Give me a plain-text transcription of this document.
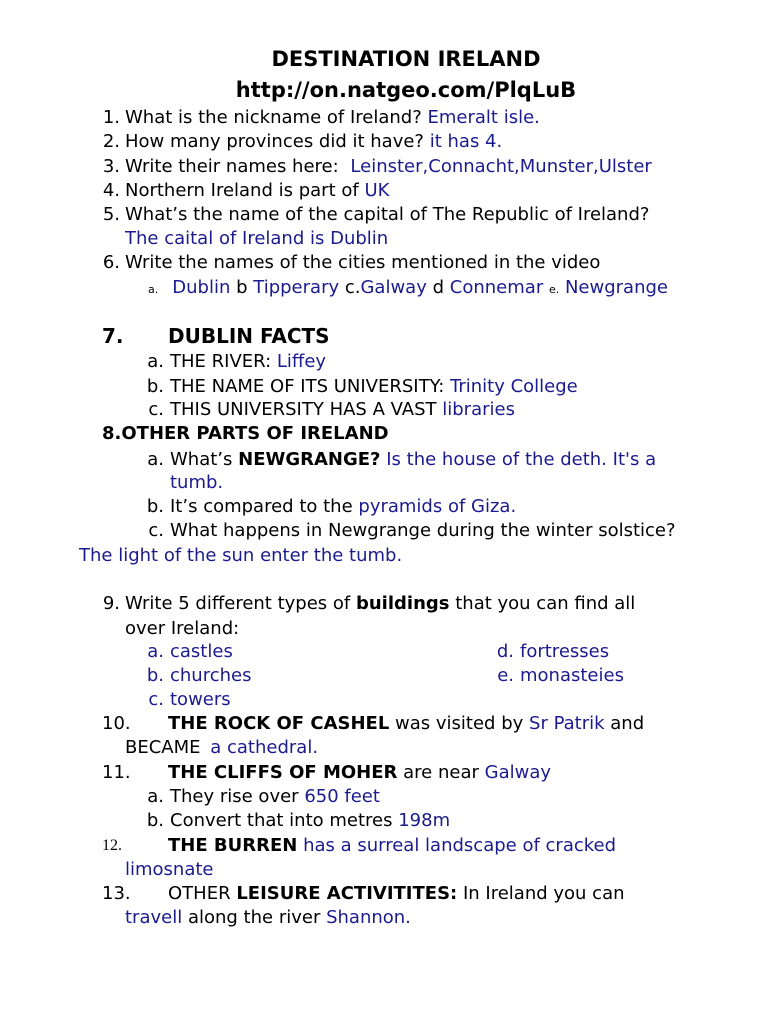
DESTINATION IRELAND
http://on.natgeo.com/PlqLuB
1. What is the nickname of Ireland? Emeralt isle.
2. How many provinces did it have? it has 4.
3. Write their names here: Leinster,Connacht,Munster,Ulster
4. Northern Ireland is part of UK
5. What’s the name of the capital of The Republic of Ireland?
The caital of Ireland is Dublin
6. Write the names of the cities mentioned in the video
a. Dublin b Tipperary c.Galway d Connemar e. Newgrange
7. DUBLIN FACTS
a. THE RIVER: Liffey
b. THE NAME OF ITS UNIVERSITY: Trinity College
c. THIS UNIVERSITY HAS A VAST libraries
8.OTHER PARTS OF IRELAND
a. What’s NEWGRANGE? Is the house of the deth. It's a
tumb.
b. It’s compared to the pyramids of Giza.
c. What happens in Newgrange during the winter solstice?
The light of the sun enter the tumb.
9. Write 5 different types of buildings that you can find all
over Ireland:
a. castles
b. churches
c. towers
d. fortresses
e. monasteies
10. THE ROCK OF CASHEL was visited by Sr Patrik and
BECAME a cathedral.
11. THE CLIFFS OF MOHER are near Galway
a. They rise over 650 feet
b. Convert that into metres 198m
12.	THE BURREN has a surreal landscape of cracked
limosnate
13. OTHER LEISURE ACTIVITITES: In Ireland you can
travell along the river Shannon.
